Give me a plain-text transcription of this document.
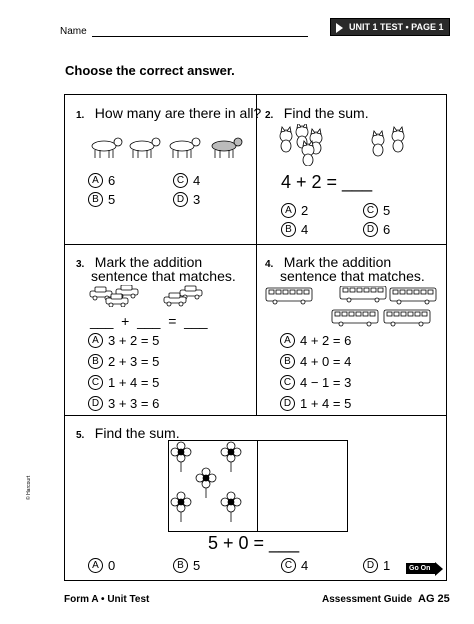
Name	UNIT 1 TEST • PAGE 1
Choose the correct answer.
1. How many are there in all?
A 6	C 4
B 5	D 3
2. Find the sum.
4 + 2 = ___
A 2	C 5
B 4	D 6
3. Mark the addition
sentence that matches.
___  +  ___  =  ___
A 3 + 2 = 5
B 2 + 3 = 5
C 1 + 4 = 5
D 3 + 3 = 6
4. Mark the addition
sentence that matches.
A 4 + 2 = 6
B 4 + 0 = 4
C 4 − 1 = 3
D 1 + 4 = 5
5. Find the sum.
5 + 0 = ___
A 0	B 5	C 4	D 1	Go On
© Harcourt
Form A • Unit Test	Assessment Guide AG 25
